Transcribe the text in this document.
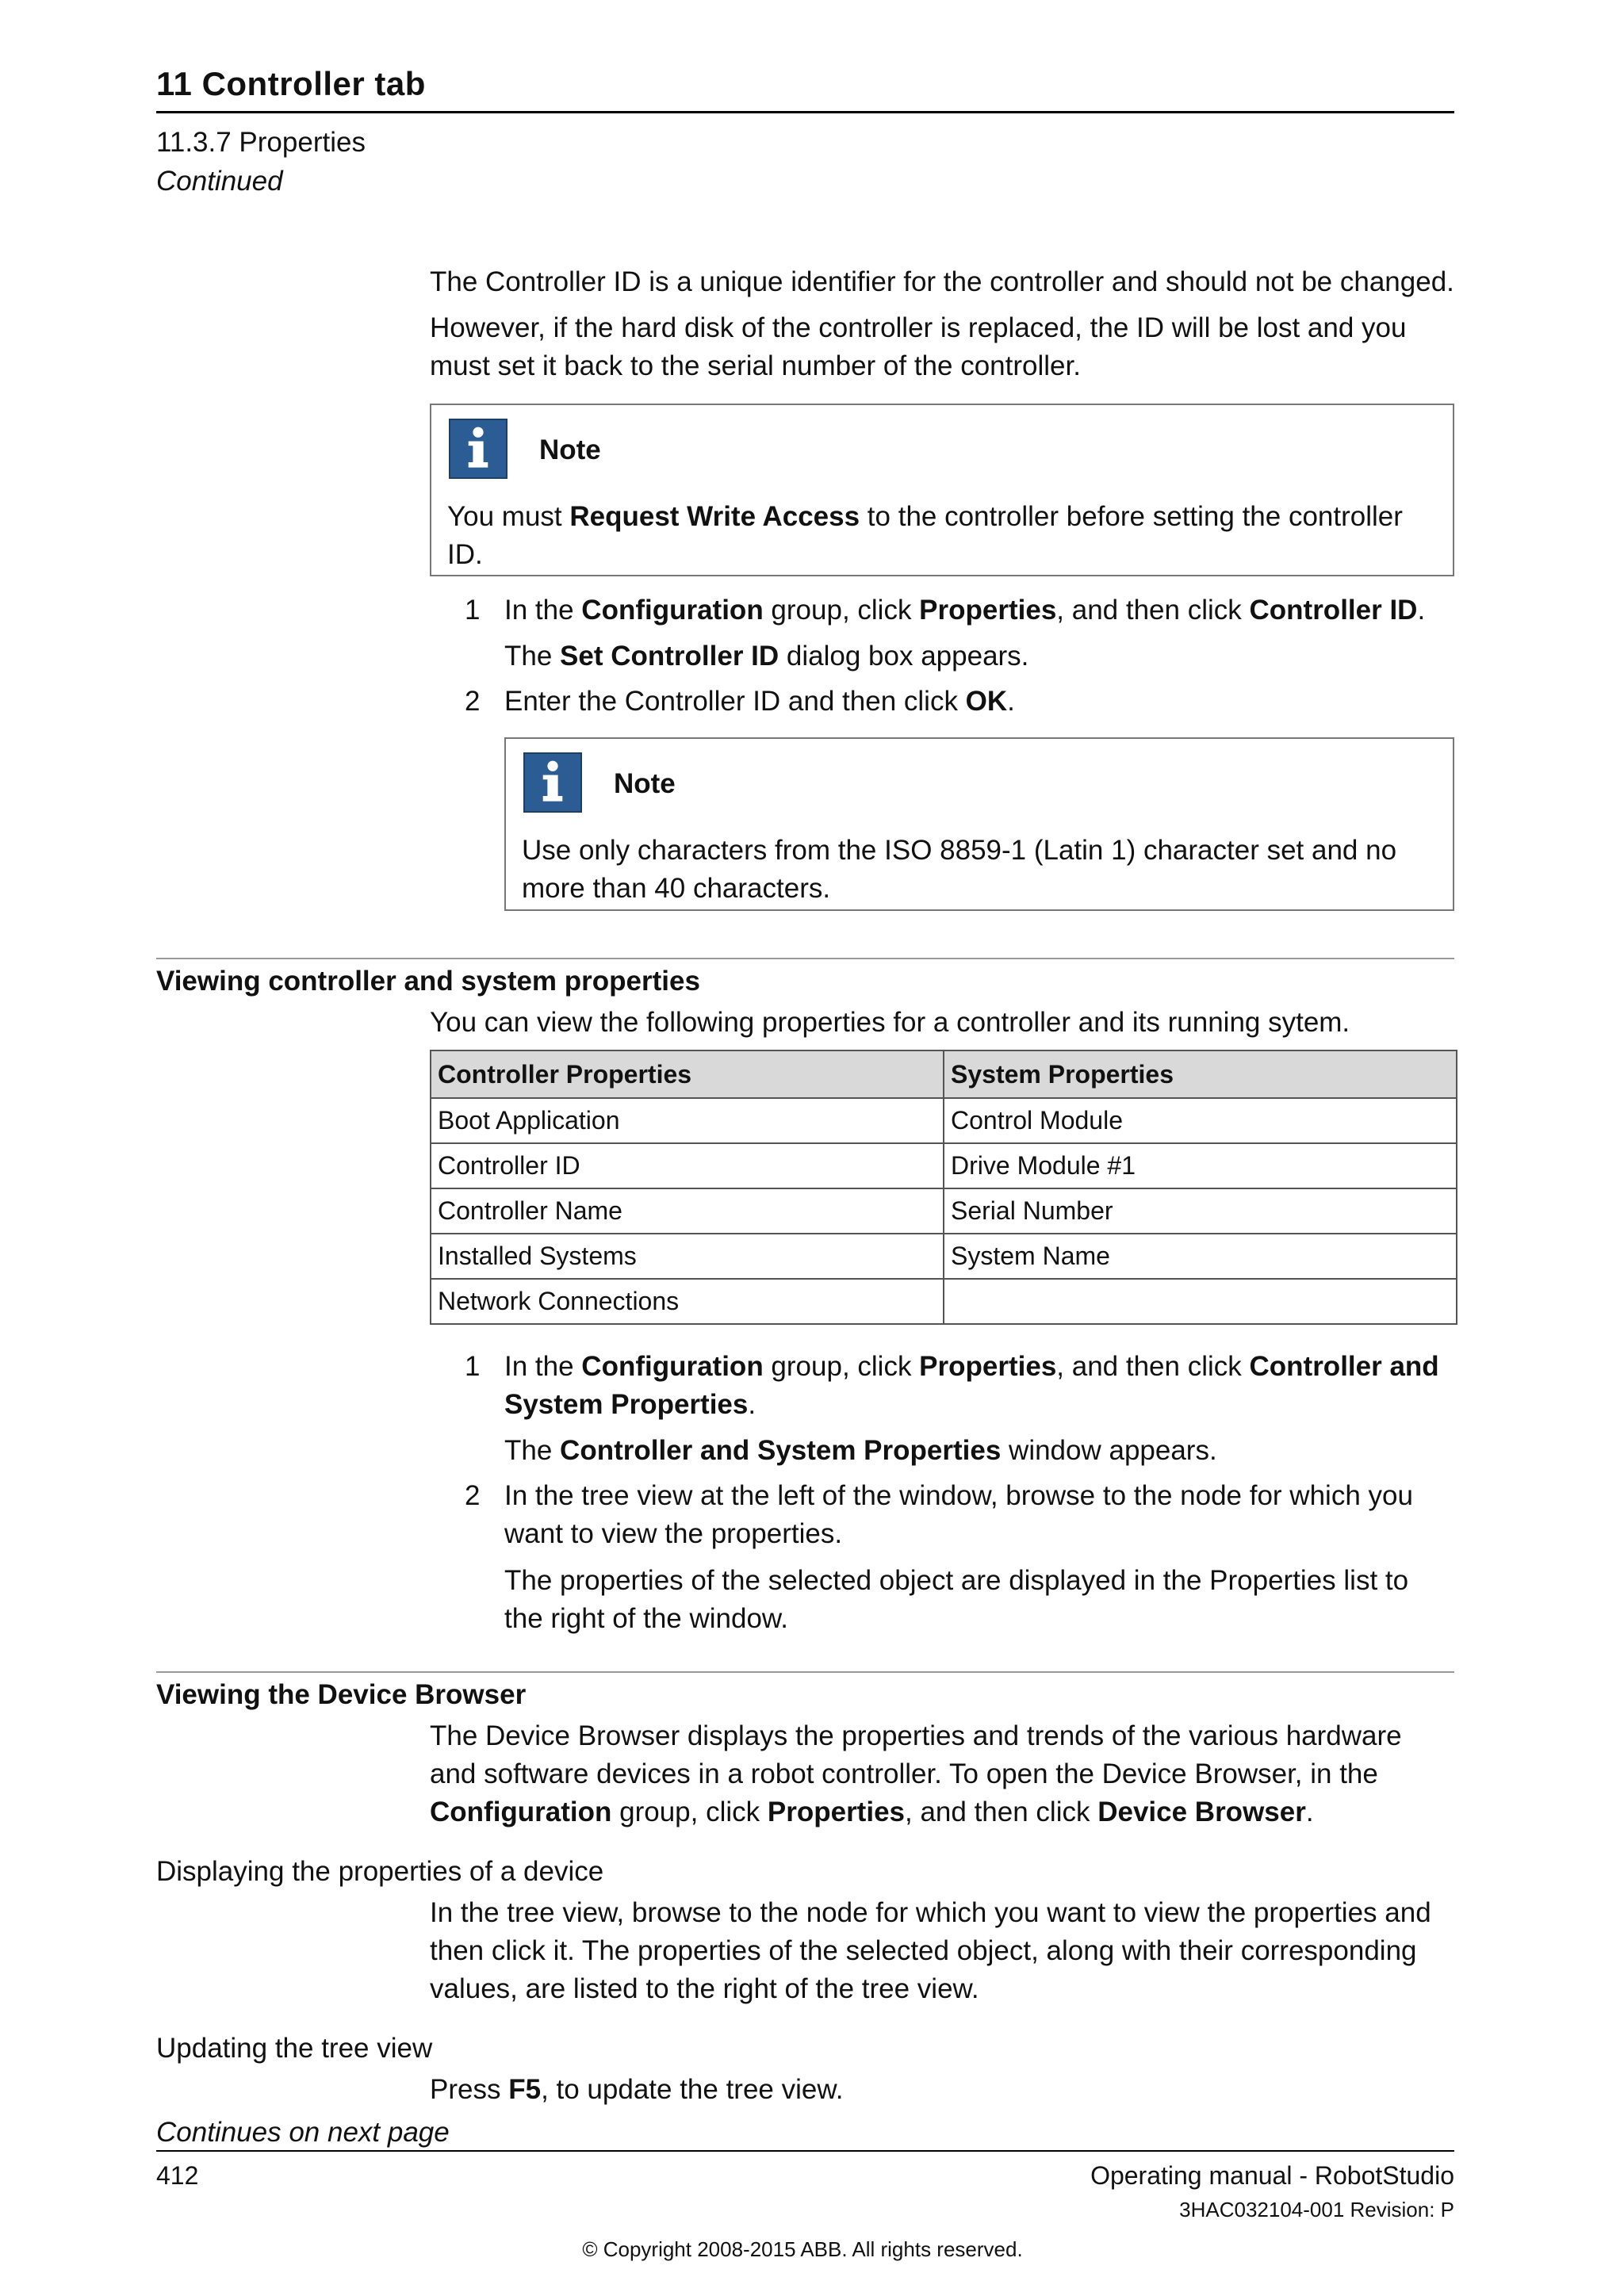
11 Controller tab
11.3.7 Properties
Continued
The Controller ID is a unique identifier for the controller and should not be changed.
However, if the hard disk of the controller is replaced, the ID will be lost and you
must set it back to the serial number of the controller.
Note
You must Request Write Access to the controller before setting the controller
ID.
1 In the Configuration group, click Properties, and then click Controller ID.
The Set Controller ID dialog box appears.
2 Enter the Controller ID and then click OK.
Note
Use only characters from the ISO 8859-1 (Latin 1) character set and no
more than 40 characters.
Viewing controller and system properties
You can view the following properties for a controller and its running sytem.
Controller Properties	System Properties
Boot Application	Control Module
Controller ID	Drive Module #1
Controller Name	Serial Number
Installed Systems	System Name
Network Connections	
1 In the Configuration group, click Properties, and then click Controller and
System Properties.
The Controller and System Properties window appears.
2 In the tree view at the left of the window, browse to the node for which you
want to view the properties.
The properties of the selected object are displayed in the Properties list to
the right of the window.
Viewing the Device Browser
The Device Browser displays the properties and trends of the various hardware
and software devices in a robot controller. To open the Device Browser, in the
Configuration group, click Properties, and then click Device Browser.
Displaying the properties of a device
In the tree view, browse to the node for which you want to view the properties and
then click it. The properties of the selected object, along with their corresponding
values, are listed to the right of the tree view.
Updating the tree view
Press F5, to update the tree view.
Continues on next page
412	Operating manual - RobotStudio
3HAC032104-001 Revision: P
© Copyright 2008-2015 ABB. All rights reserved.
